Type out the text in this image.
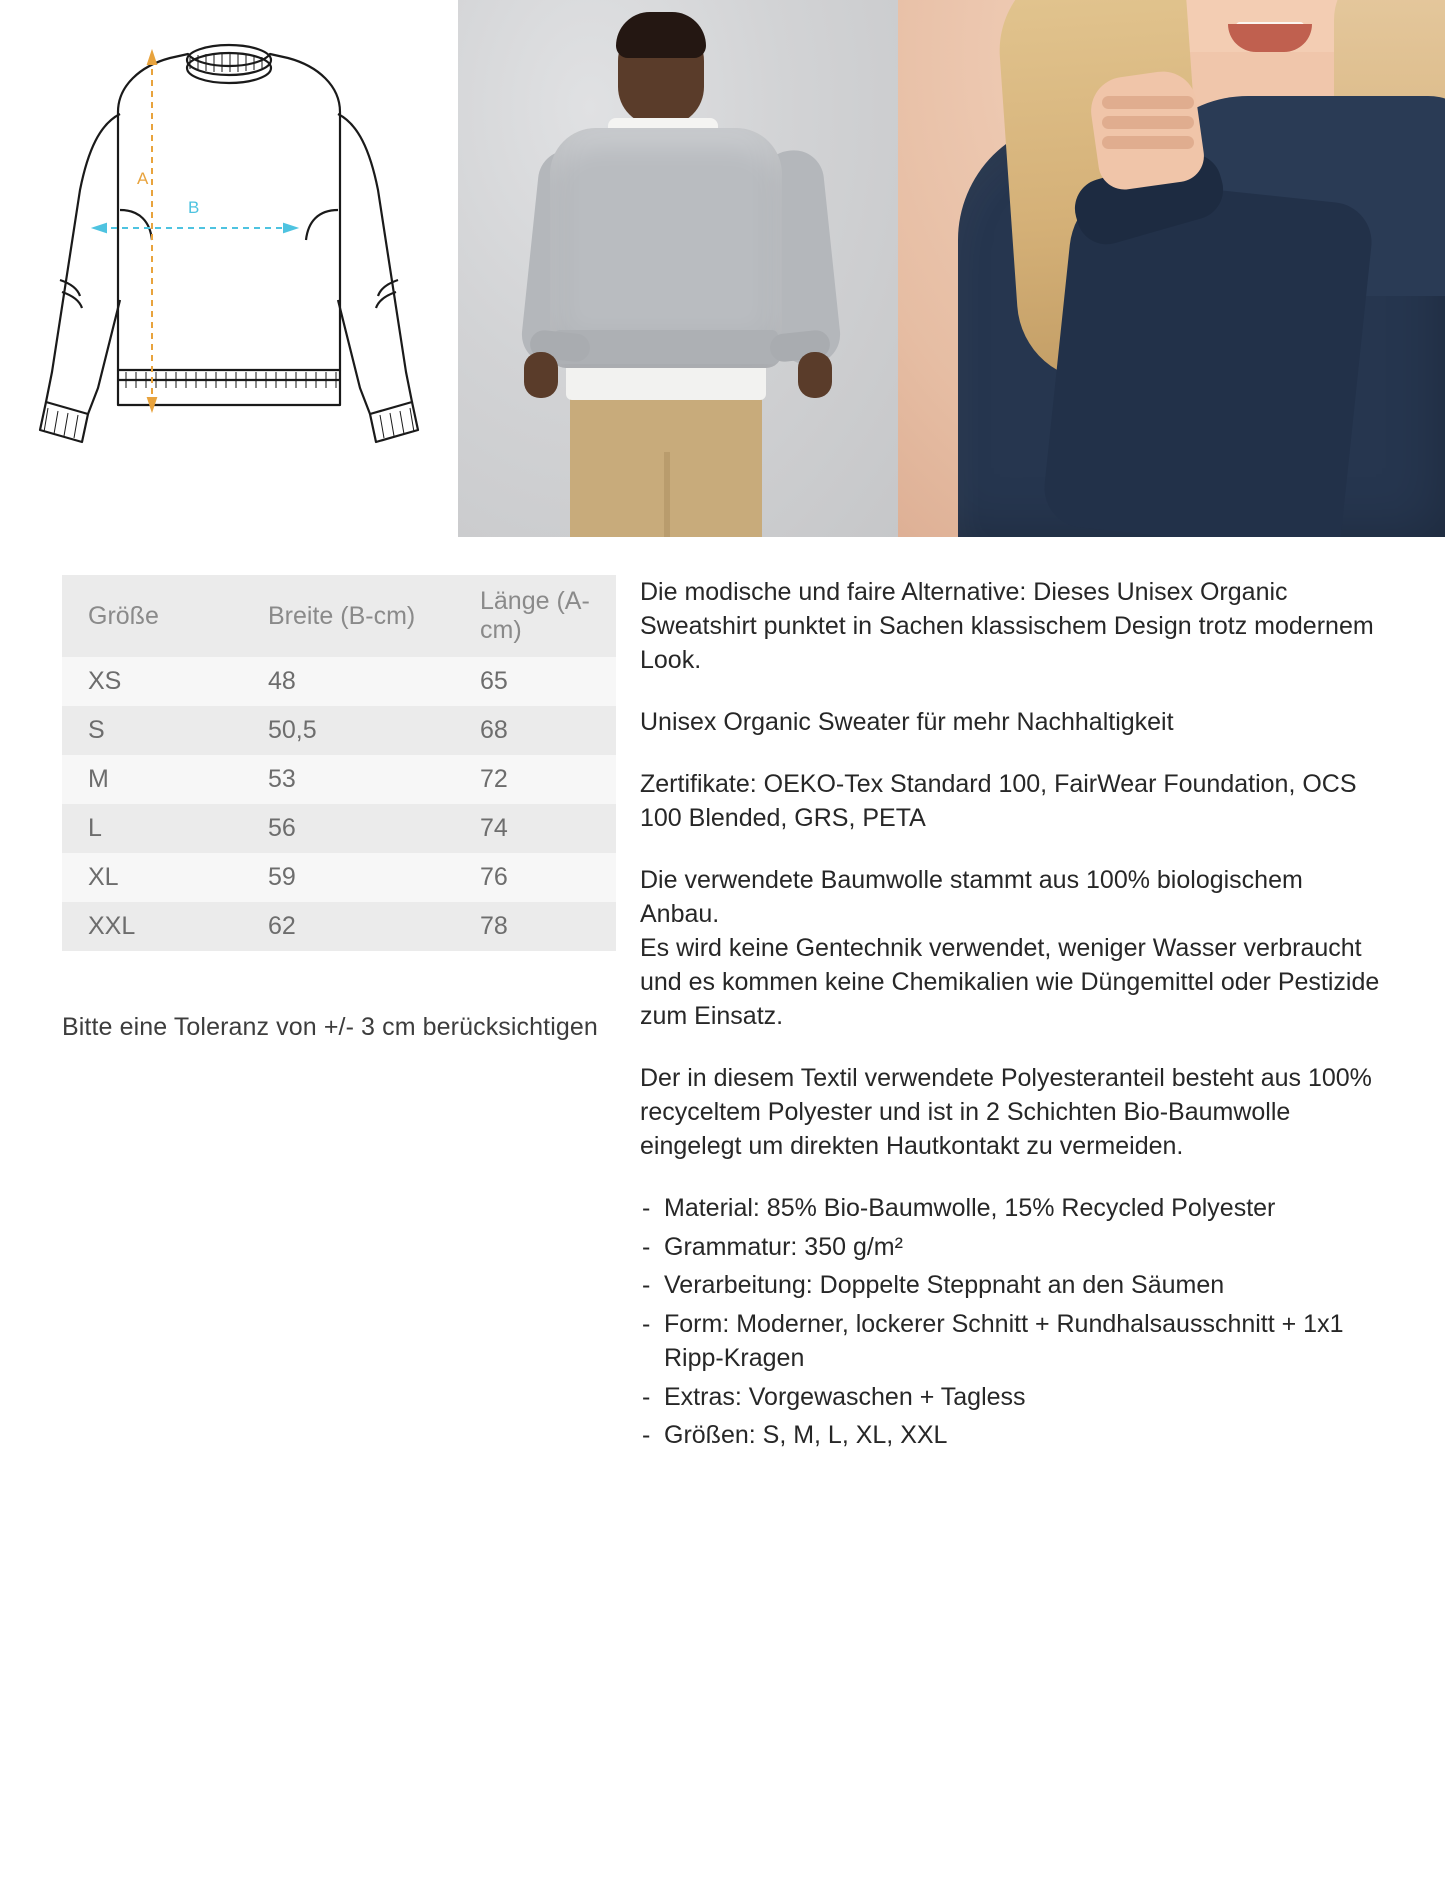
A
B
Größe	Breite (B-cm)	Länge (A-cm)
XS	48	65
S	50,5	68
M	53	72
L	56	74
XL	59	76
XXL	62	78
Bitte eine Toleranz von +/- 3 cm berücksichtigen

Die modische und faire Alternative: Dieses Unisex Organic Sweatshirt punktet in Sachen klassischem Design trotz modernem Look.

Unisex Organic Sweater für mehr Nachhaltigkeit

Zertifikate: OEKO-Tex Standard 100, FairWear Foundation, OCS 100 Blended, GRS, PETA

Die verwendete Baumwolle stammt aus 100% biologischem Anbau.

Es wird keine Gentechnik verwendet, weniger Wasser verbraucht und es kommen keine Chemikalien wie Düngemittel oder Pestizide zum Einsatz.

Der in diesem Textil verwendete Polyesteranteil besteht aus 100% recyceltem Polyester und ist in 2 Schichten Bio-Baumwolle eingelegt um direkten Hautkontakt zu vermeiden.

- Material: 85% Bio-Baumwolle, 15% Recycled Polyester
- Grammatur: 350 g/m²
- Verarbeitung: Doppelte Steppnaht an den Säumen
- Form: Moderner, lockerer Schnitt + Rundhalsausschnitt + 1x1 Ripp-Kragen
- Extras: Vorgewaschen + Tagless
- Größen: S, M, L, XL, XXL
